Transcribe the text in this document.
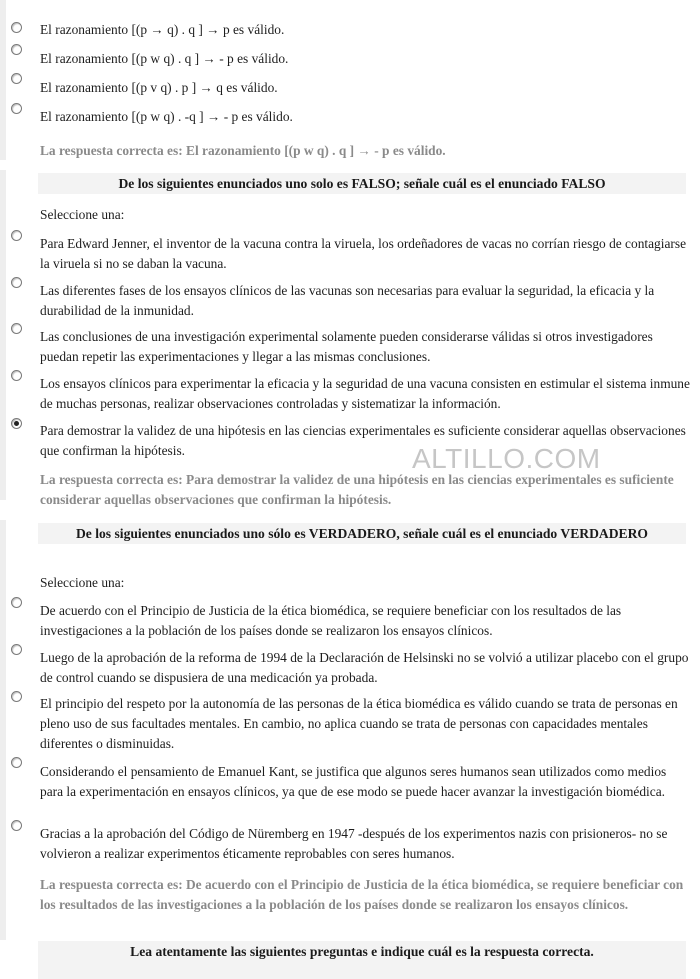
El razonamiento [(p → q) . q ] → p es válido.
El razonamiento [(p w q) . q ] → - p es válido.
El razonamiento [(p v q) . p ] → q es válido.
El razonamiento [(p w q) . -q ] → - p es válido.
La respuesta correcta es: El razonamiento [(p w q) . q ] → - p es válido.
De los siguientes enunciados uno solo es FALSO; señale cuál es el enunciado FALSO
Seleccione una:
Para Edward Jenner, el inventor de la vacuna contra la viruela, los ordeñadores de vacas no corrían riesgo de contagiarse la viruela si no se daban la vacuna.
Las diferentes fases de los ensayos clínicos de las vacunas son necesarias para evaluar la seguridad, la eficacia y la durabilidad de la inmunidad.
Las conclusiones de una investigación experimental solamente pueden considerarse válidas si otros investigadores puedan repetir las experimentaciones y llegar a las mismas conclusiones.
Los ensayos clínicos para experimentar la eficacia y la seguridad de una vacuna consisten en estimular el sistema inmune de muchas personas, realizar observaciones controladas y sistematizar la información.
Para demostrar la validez de una hipótesis en las ciencias experimentales es suficiente considerar aquellas observaciones que confirman la hipótesis.	ALTILLO.COM
La respuesta correcta es: Para demostrar la validez de una hipótesis en las ciencias experimentales es suficiente considerar aquellas observaciones que confirman la hipótesis.
De los siguientes enunciados uno sólo es VERDADERO, señale cuál es el enunciado VERDADERO
Seleccione una:
De acuerdo con el Principio de Justicia de la ética biomédica, se requiere beneficiar con los resultados de las investigaciones a la población de los países donde se realizaron los ensayos clínicos.
Luego de la aprobación de la reforma de 1994 de la Declaración de Helsinski no se volvió a utilizar placebo con el grupo de control cuando se dispusiera de una medicación ya probada.
El principio del respeto por la autonomía de las personas de la ética biomédica es válido cuando se trata de personas en pleno uso de sus facultades mentales. En cambio, no aplica cuando se trata de personas con capacidades mentales diferentes o disminuidas.
Considerando el pensamiento de Emanuel Kant, se justifica que algunos seres humanos sean utilizados como medios para la experimentación en ensayos clínicos, ya que de ese modo se puede hacer avanzar la investigación biomédica.
Gracias a la aprobación del Código de Nüremberg en 1947 -después de los experimentos nazis con prisioneros- no se volvieron a realizar experimentos éticamente reprobables con seres humanos.
La respuesta correcta es: De acuerdo con el Principio de Justicia de la ética biomédica, se requiere beneficiar con los resultados de las investigaciones a la población de los países donde se realizaron los ensayos clínicos.
Lea atentamente las siguientes preguntas e indique cuál es la respuesta correcta.
